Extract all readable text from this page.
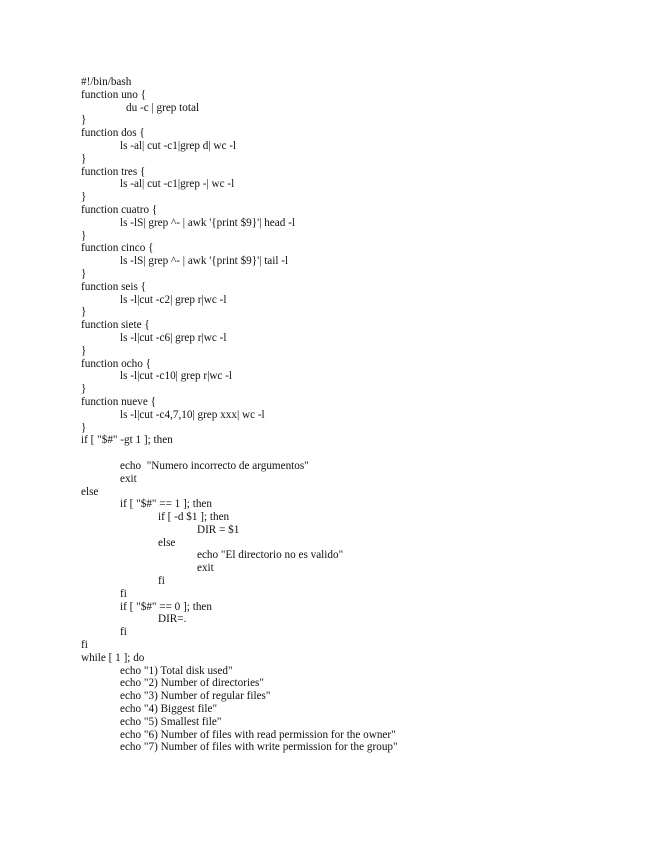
#!/bin/bash
function uno {
du -c | grep total
}
function dos {
ls -al| cut -c1|grep d| wc -l
}
function tres {
ls -al| cut -c1|grep -| wc -l
}
function cuatro {
ls -lS| grep ^- | awk '{print $9}'| head -l
}
function cinco {
ls -lS| grep ^- | awk '{print $9}'| tail -l
}
function seis {
ls -l|cut -c2| grep r|wc -l
}
function siete {
ls -l|cut -c6| grep r|wc -l
}
function ocho {
ls -l|cut -c10| grep r|wc -l
}
function nueve {
ls -l|cut -c4,7,10| grep xxx| wc -l
}
if [ "$#" -gt 1 ]; then
echo  "Numero incorrecto de argumentos"
exit
else
if [ "$#" == 1 ]; then
if [ -d $1 ]; then
DIR = $1
else
echo "El directorio no es valido"
exit
fi
fi
if [ "$#" == 0 ]; then
DIR=.
fi
fi
while [ 1 ]; do
echo "1) Total disk used"
echo "2) Number of directories"
echo "3) Number of regular files"
echo "4) Biggest file"
echo "5) Smallest file"
echo "6) Number of files with read permission for the owner"
echo "7) Number of files with write permission for the group"
